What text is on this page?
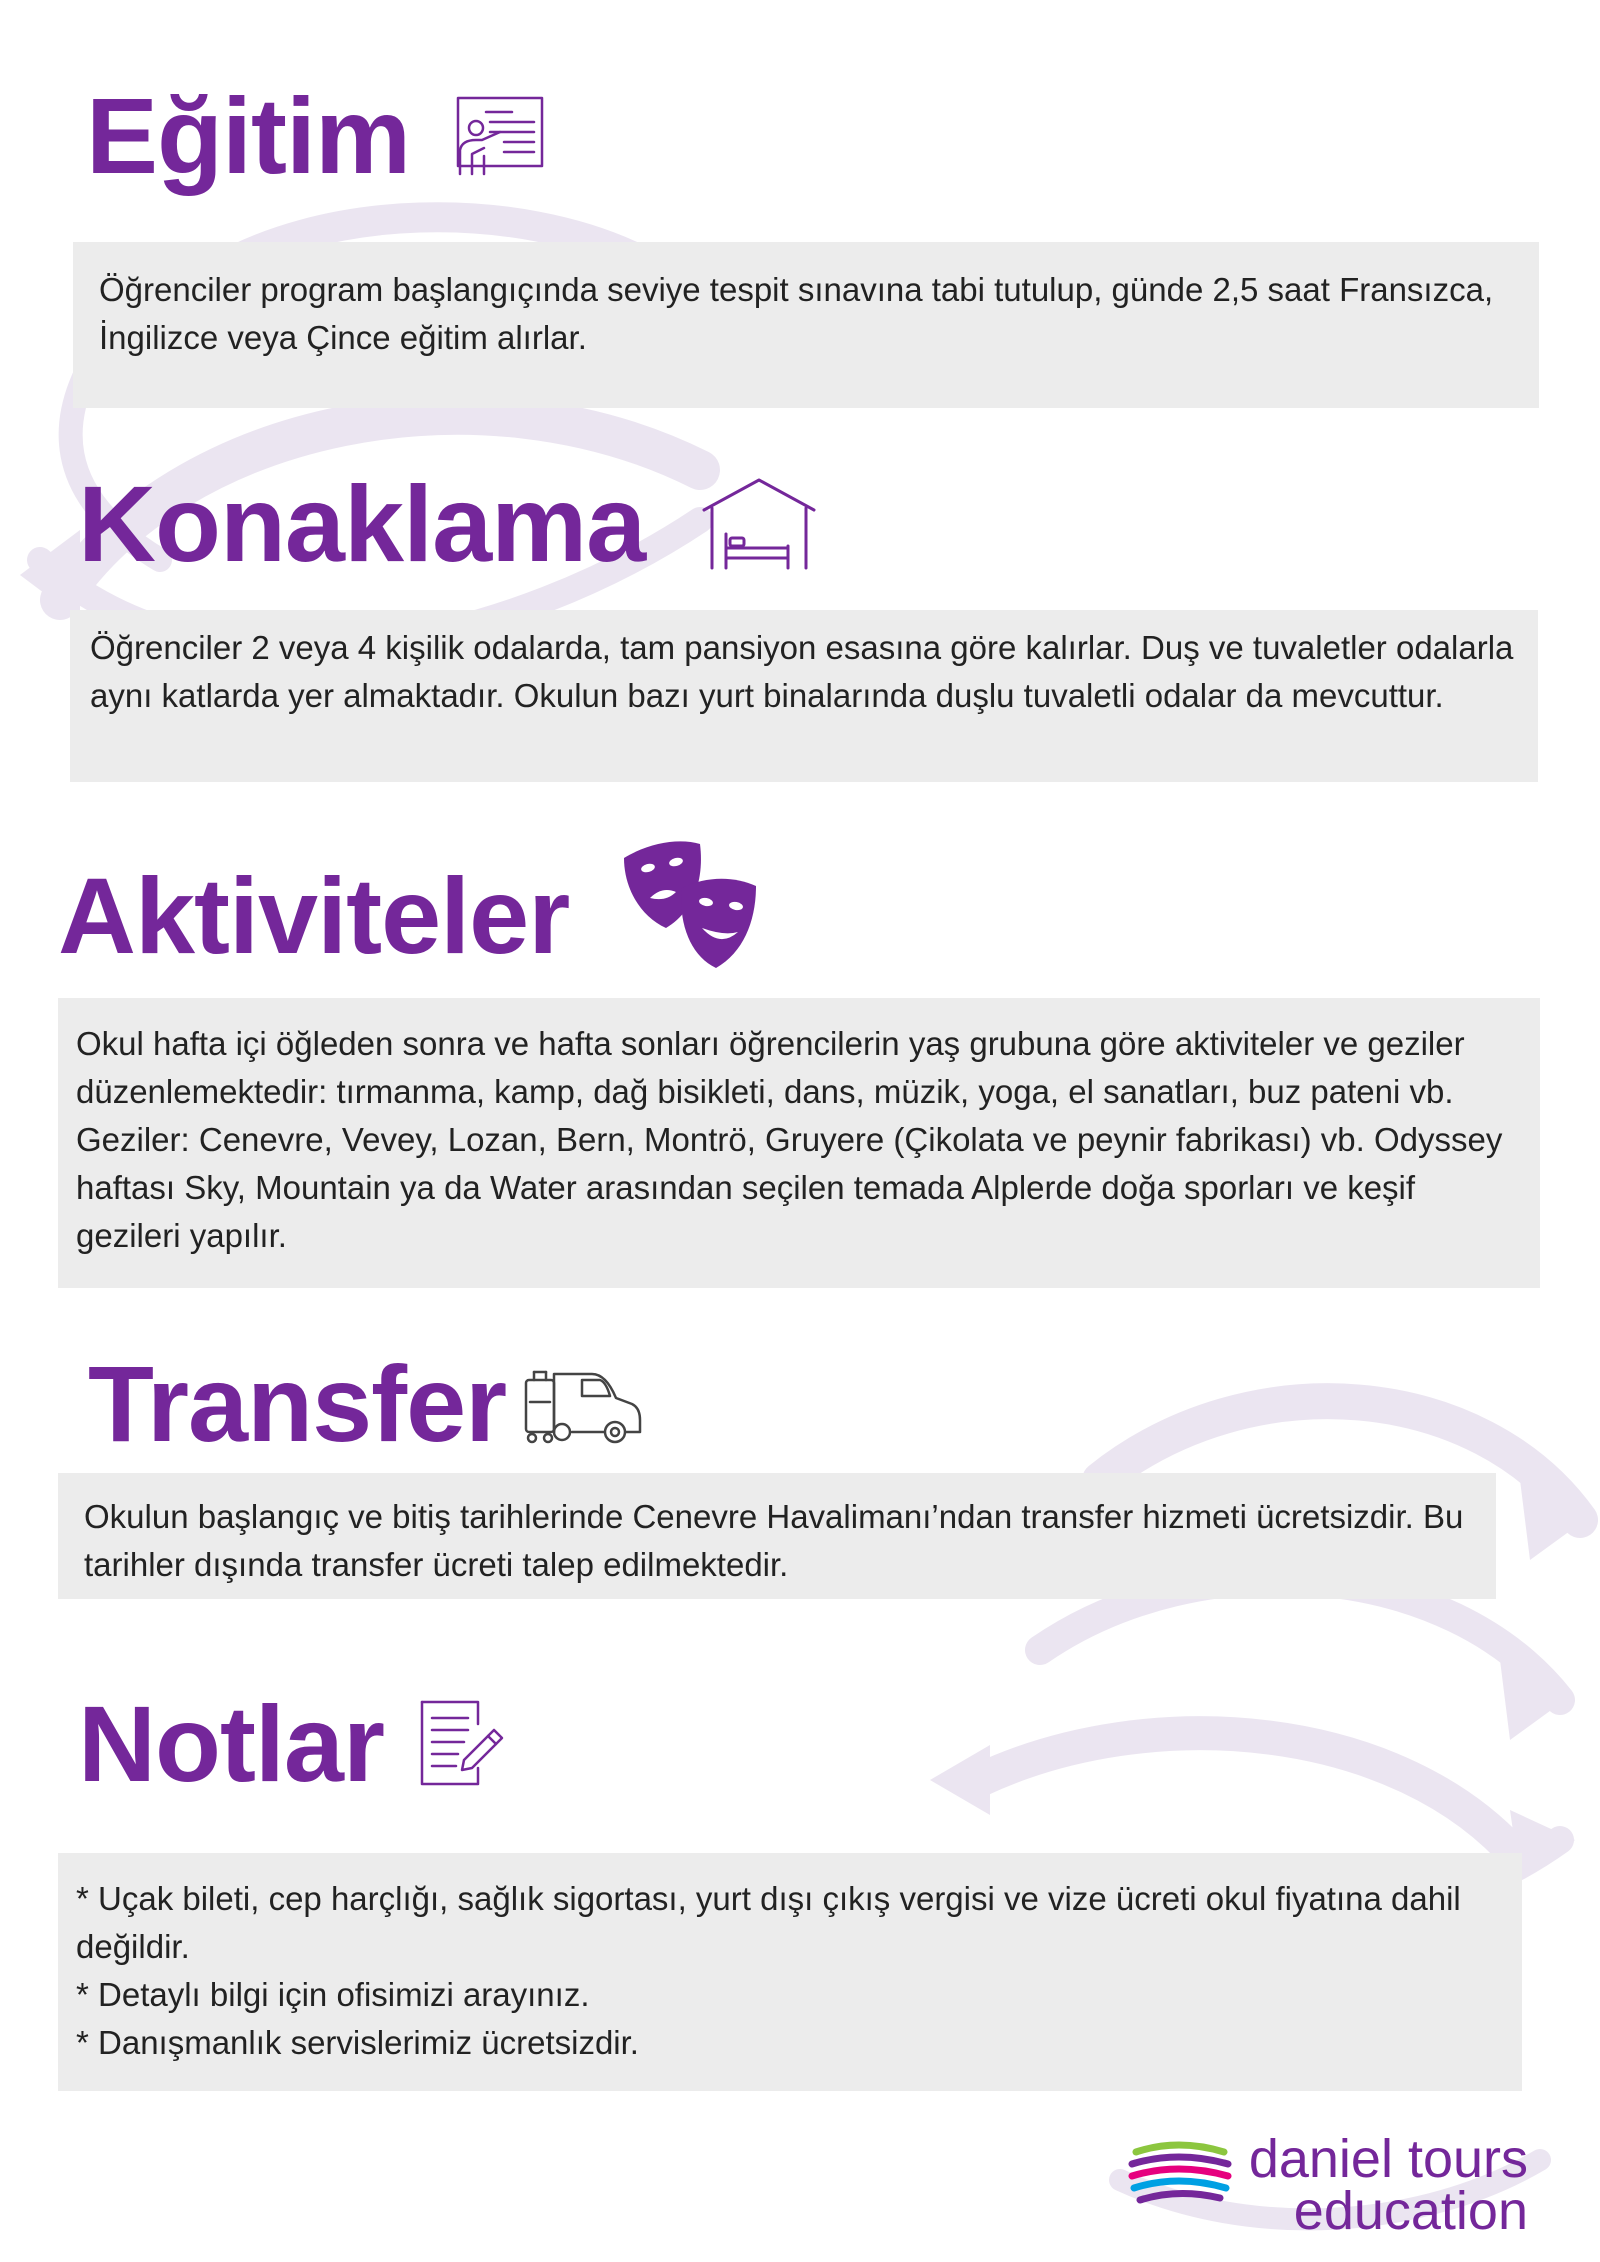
Eğitim

Öğrenciler program başlangıçında seviye tespit sınavına tabi tutulup, günde 2,5 saat Fransızca, İngilizce veya Çince eğitim alırlar.

Konaklama

Öğrenciler 2 veya 4 kişilik odalarda, tam pansiyon esasına göre kalırlar. Duş ve tuvaletler odalarla aynı katlarda yer almaktadır. Okulun bazı yurt binalarında duşlu tuvaletli odalar da mevcuttur.

Aktiviteler

Okul hafta içi öğleden sonra ve hafta sonları öğrencilerin yaş grubuna göre aktiviteler ve geziler düzenlemektedir: tırmanma, kamp, dağ bisikleti, dans, müzik, yoga, el sanatları, buz pateni vb. Geziler: Cenevre, Vevey, Lozan, Bern, Montrö, Gruyere (Çikolata ve peynir fabrikası) vb. Odyssey haftası Sky, Mountain ya da Water arasından seçilen temada Alplerde doğa sporları ve keşif gezileri yapılır.

Transfer

Okulun başlangıç ve bitiş tarihlerinde Cenevre Havalimanı’ndan transfer hizmeti ücretsizdir. Bu tarihler dışında transfer ücreti talep edilmektedir.

Notlar

* Uçak bileti, cep harçlığı, sağlık sigortası, yurt dışı çıkış vergisi ve vize ücreti okul fiyatına dahil değildir.

* Detaylı bilgi için ofisimizi arayınız.

* Danışmanlık servislerimiz ücretsizdir.

daniel tours
education
